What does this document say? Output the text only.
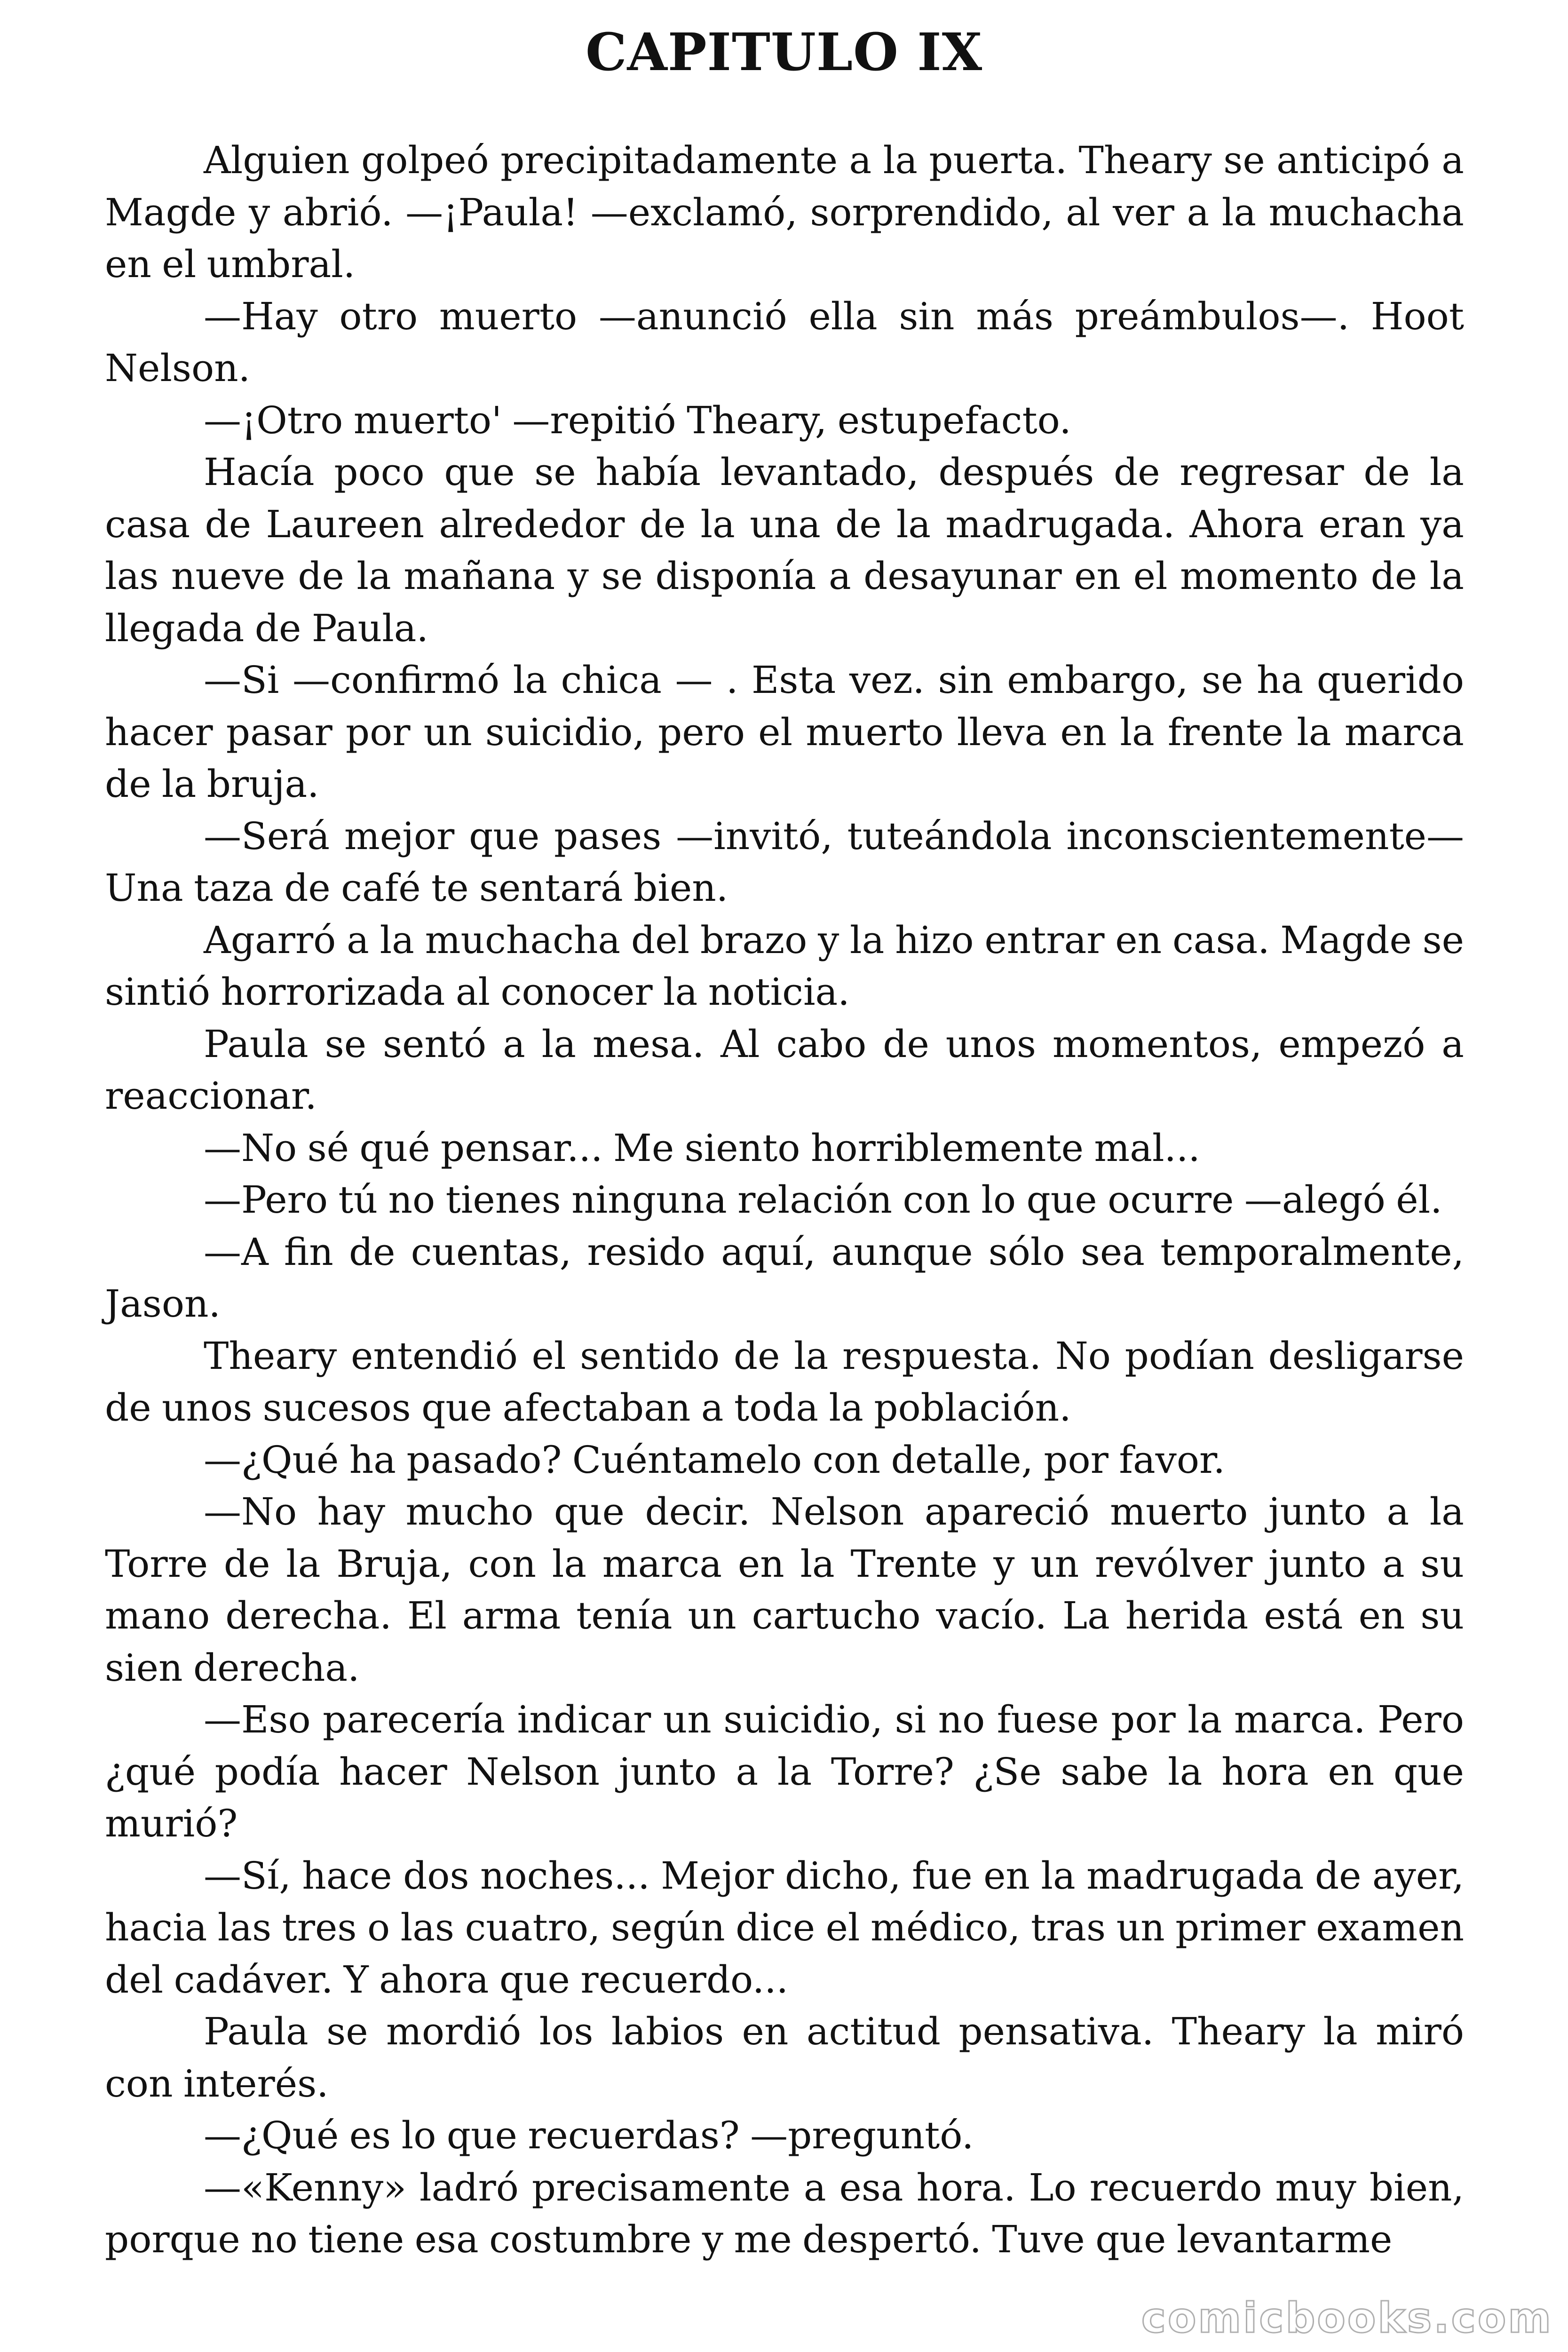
CAPITULO IX

Alguien golpeó precipitadamente a la puerta. Theary se anticipó a Magde y abrió. —¡Paula! —exclamó, sorprendido, al ver a la muchacha en el umbral.

—Hay otro muerto —anunció ella sin más preámbulos—. Hoot Nelson.

—¡Otro muerto' —repitió Theary, estupefacto.

Hacía poco que se había levantado, después de regresar de la casa de Laureen alrededor de la una de la madrugada. Ahora eran ya las nueve de la mañana y se disponía a desayunar en el momento de la llegada de Paula.

—Si —confirmó la chica — . Esta vez. sin embargo, se ha querido hacer pasar por un suicidio, pero el muerto lleva en la frente la marca de la bruja.

—Será mejor que pases —invitó, tuteándola inconscientemente— Una taza de café te sentará bien.

Agarró a la muchacha del brazo y la hizo entrar en casa. Magde se sintió horrorizada al conocer la noticia.

Paula se sentó a la mesa. Al cabo de unos momentos, empezó a reaccionar.

—No sé qué pensar... Me siento horriblemente mal...

—Pero tú no tienes ninguna relación con lo que ocurre —alegó él.

—A fin de cuentas, resido aquí, aunque sólo sea temporalmente, Jason.

Theary entendió el sentido de la respuesta. No podían desligarse de unos sucesos que afectaban a toda la población.

—¿Qué ha pasado? Cuéntamelo con detalle, por favor.

—No hay mucho que decir. Nelson apareció muerto junto a la Torre de la Bruja, con la marca en la Trente y un revólver junto a su mano derecha. El arma tenía un cartucho vacío. La herida está en su sien derecha.

—Eso parecería indicar un suicidio, si no fuese por la marca. Pero ¿qué podía hacer Nelson junto a la Torre? ¿Se sabe la hora en que murió?

—Sí, hace dos noches... Mejor dicho, fue en la madrugada de ayer, hacia las tres o las cuatro, según dice el médico, tras un primer examen del cadáver. Y ahora que recuerdo...

Paula se mordió los labios en actitud pensativa. Theary la miró con interés.

—¿Qué es lo que recuerdas? —preguntó.

—«Kenny» ladró precisamente a esa hora. Lo recuerdo muy bien, porque no tiene esa costumbre y me despertó. Tuve que levantarme

comicbooks.com
